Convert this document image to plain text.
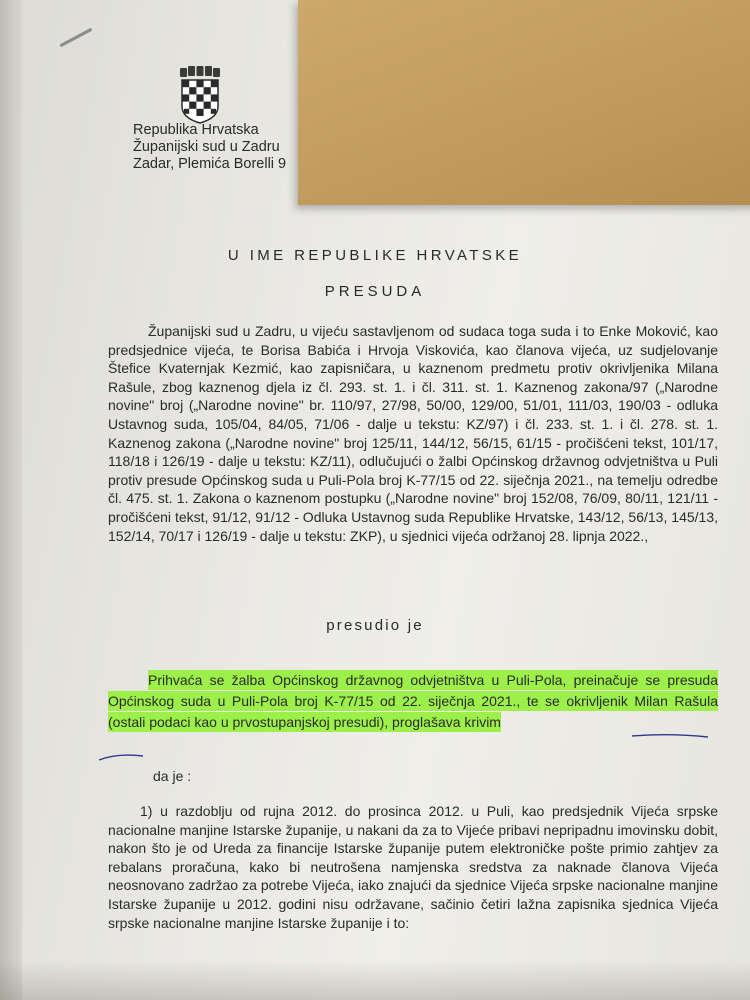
Republika Hrvatska
Županijski sud u Zadru
Zadar, Plemića Borelli 9
U IME REPUBLIKE HRVATSKE
PRESUDA
Županijski sud u Zadru, u vijeću sastavljenom od sudaca toga suda i to Enke Moković, kao predsjednice vijeća, te Borisa Babića i Hrvoja Viskovića, kao članova vijeća, uz sudjelovanje Štefice Kvaternjak Kezmić, kao zapisničara, u kaznenom predmetu protiv okrivljenika Milana Rašule, zbog kaznenog djela iz čl. 293. st. 1. i čl. 311. st. 1. Kaznenog zakona/97 („Narodne novine" broj („Narodne novine" br. 110/97, 27/98, 50/00, 129/00, 51/01, 111/03, 190/03 - odluka Ustavnog suda, 105/04, 84/05, 71/06 - dalje u tekstu: KZ/97) i čl. 233. st. 1. i čl. 278. st. 1. Kaznenog zakona („Narodne novine" broj 125/11, 144/12, 56/15, 61/15 - pročišćeni tekst, 101/17, 118/18 i 126/19 - dalje u tekstu: KZ/11), odlučujući o žalbi Općinskog državnog odvjetništva u Puli protiv presude Općinskog suda u Puli-Pola broj K-77/15 od 22. siječnja 2021., na temelju odredbe čl. 475. st. 1. Zakona o kaznenom postupku („Narodne novine" broj 152/08, 76/09, 80/11, 121/11 - pročišćeni tekst, 91/12, 91/12 - Odluka Ustavnog suda Republike Hrvatske, 143/12, 56/13, 145/13, 152/14, 70/17 i 126/19 - dalje u tekstu: ZKP), u sjednici vijeća održanoj 28. lipnja 2022.,
presudio je
Prihvaća se žalba Općinskog državnog odvjetništva u Puli-Pola, preinačuje se presuda Općinskog suda u Puli-Pola broj K-77/15 od 22. siječnja 2021., te se okrivljenik Milan Rašula (ostali podaci kao u prvostupanjskoj presudi), proglašava krivim
da je :
1) u razdoblju od rujna 2012. do prosinca 2012. u Puli, kao predsjednik Vijeća srpske nacionalne manjine Istarske županije, u nakani da za to Vijeće pribavi nepripadnu imovinsku dobit, nakon što je od Ureda za financije Istarske županije putem elektroničke pošte primio zahtjev za rebalans proračuna, kako bi neutrošena namjenska sredstva za naknade članova Vijeća neosnovano zadržao za potrebe Vijeća, iako znajući da sjednice Vijeća srpske nacionalne manjine Istarske županije u 2012. godini nisu održavane, sačinio četiri lažna zapisnika sjednica Vijeća srpske nacionalne manjine Istarske županije i to:
